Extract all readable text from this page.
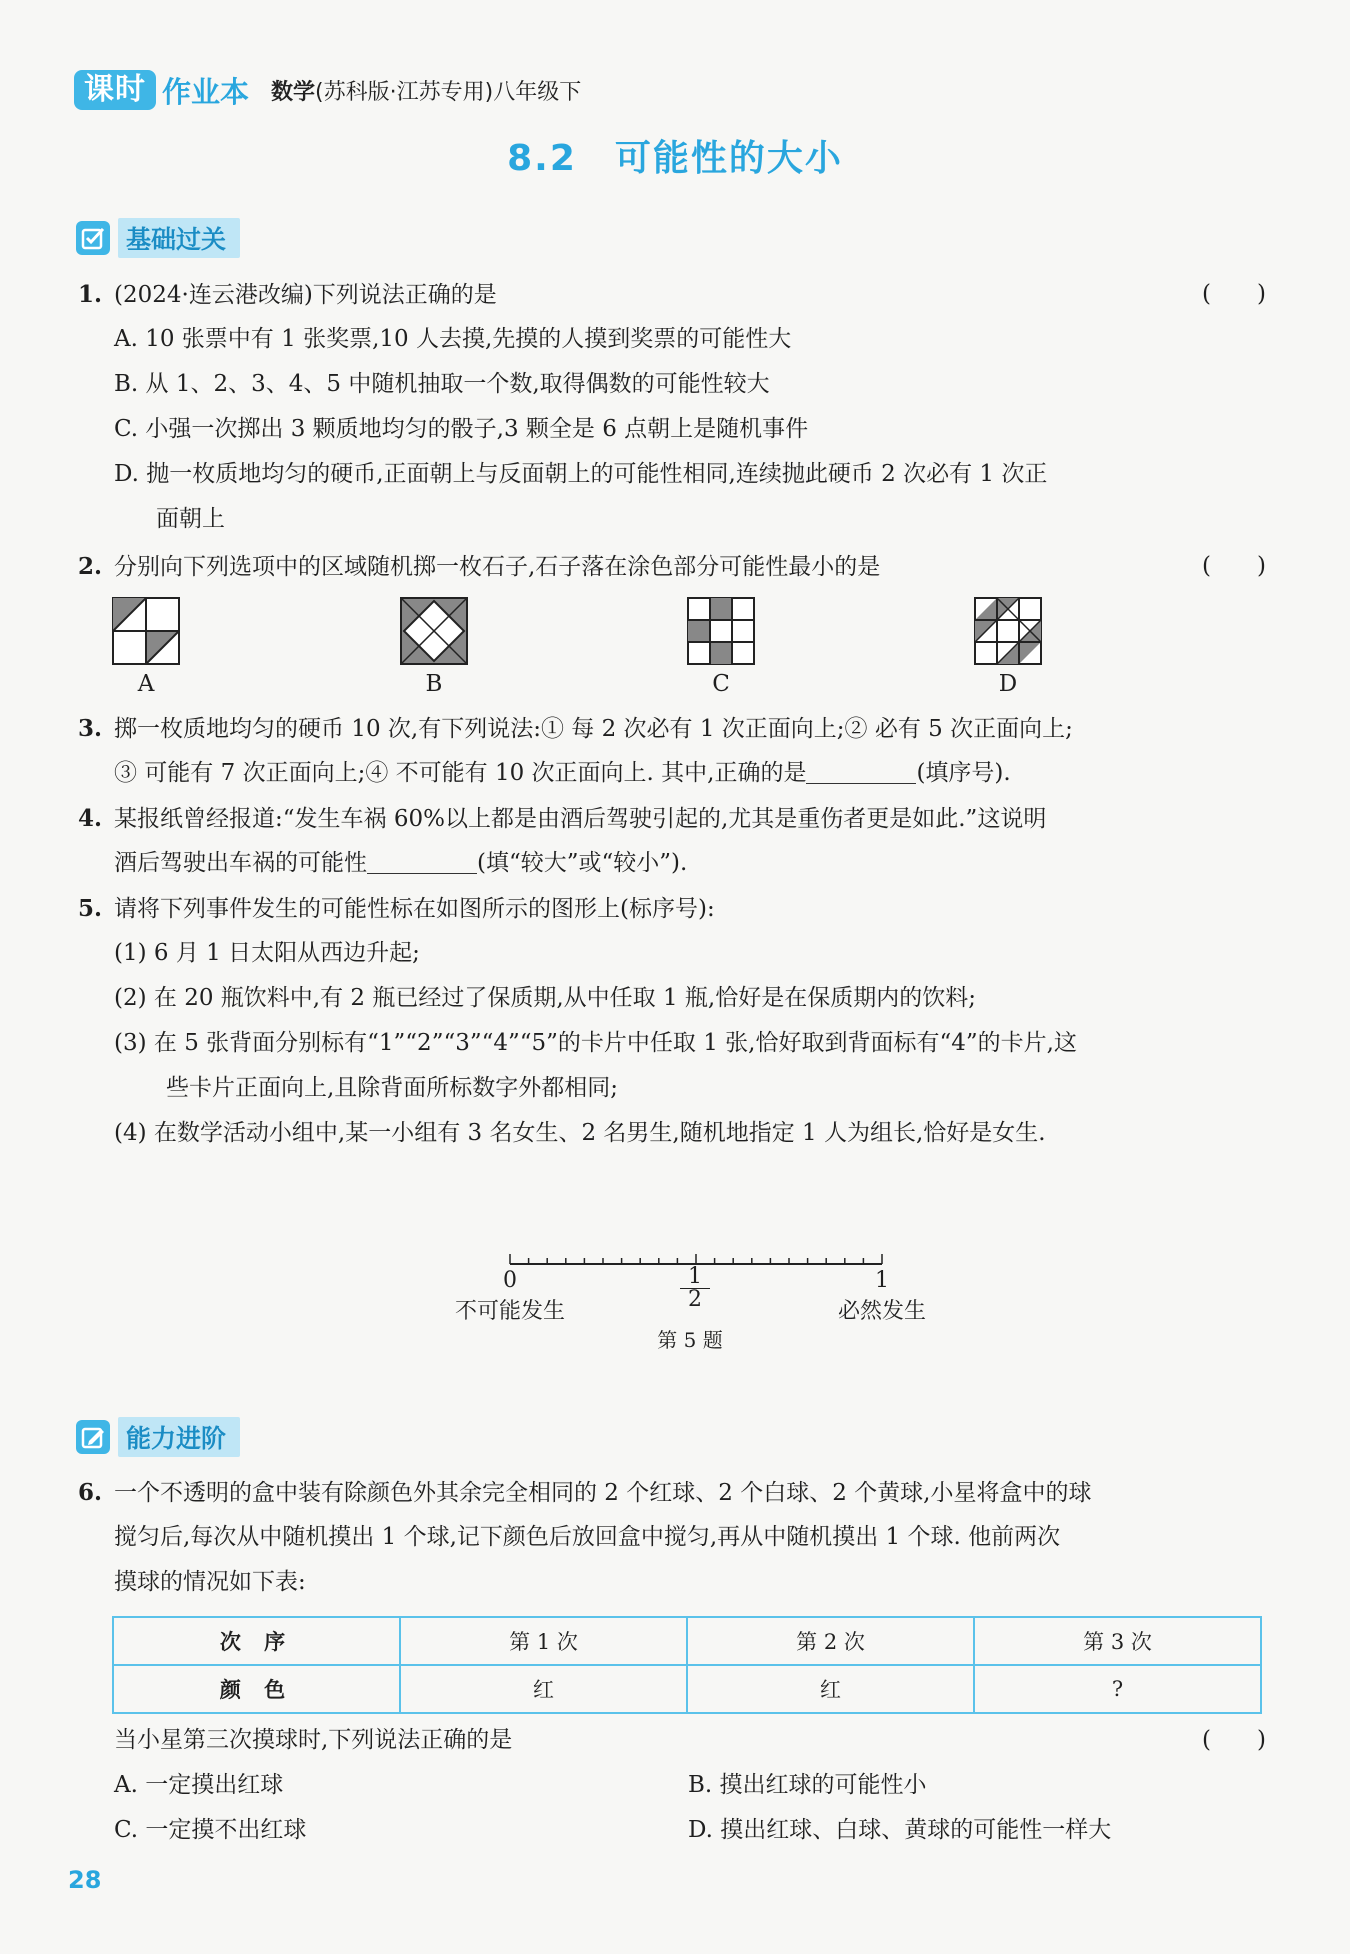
课时 作业本 数学(苏科版·江苏专用)八年级下
8.2　可能性的大小
基础过关
1. (2024·连云港改编)下列说法正确的是	(　　)
A. 10 张票中有 1 张奖票,10 人去摸,先摸的人摸到奖票的可能性大
B. 从 1、2、3、4、5 中随机抽取一个数,取得偶数的可能性较大
C. 小强一次掷出 3 颗质地均匀的骰子,3 颗全是 6 点朝上是随机事件
D. 抛一枚质地均匀的硬币,正面朝上与反面朝上的可能性相同,连续抛此硬币 2 次必有 1 次正
面朝上
2. 分别向下列选项中的区域随机掷一枚石子,石子落在涂色部分可能性最小的是	(　　)
A	B	C	D
3. 掷一枚质地均匀的硬币 10 次,有下列说法:① 每 2 次必有 1 次正面向上;② 必有 5 次正面向上;
③ 可能有 7 次正面向上;④ 不可能有 10 次正面向上. 其中,正确的是	(填序号).
4. 某报纸曾经报道:“发生车祸 60%以上都是由酒后驾驶引起的,尤其是重伤者更是如此.”这说明
酒后驾驶出车祸的可能性	(填“较大”或“较小”).
5. 请将下列事件发生的可能性标在如图所示的图形上(标序号):
(1) 6 月 1 日太阳从西边升起;
(2) 在 20 瓶饮料中,有 2 瓶已经过了保质期,从中任取 1 瓶,恰好是在保质期内的饮料;
(3) 在 5 张背面分别标有“1”“2”“3”“4”“5”的卡片中任取 1 张,恰好取到背面标有“4”的卡片,这
些卡片正面向上,且除背面所标数字外都相同;
(4) 在数学活动小组中,某一小组有 3 名女生、2 名男生,随机地指定 1 人为组长,恰好是女生.
0	$\frac{1}{2}$	1
不可能发生	必然发生
第 5 题
能力进阶
6. 一个不透明的盒中装有除颜色外其余完全相同的 2 个红球、2 个白球、2 个黄球,小星将盒中的球
搅匀后,每次从中随机摸出 1 个球,记下颜色后放回盒中搅匀,再从中随机摸出 1 个球. 他前两次
摸球的情况如下表:
次 序	第 1 次	第 2 次	第 3 次
颜 色	红	红	?
当小星第三次摸球时,下列说法正确的是	(　　)
A. 一定摸出红球	B. 摸出红球的可能性小
C. 一定摸不出红球	D. 摸出红球、白球、黄球的可能性一样大
28
